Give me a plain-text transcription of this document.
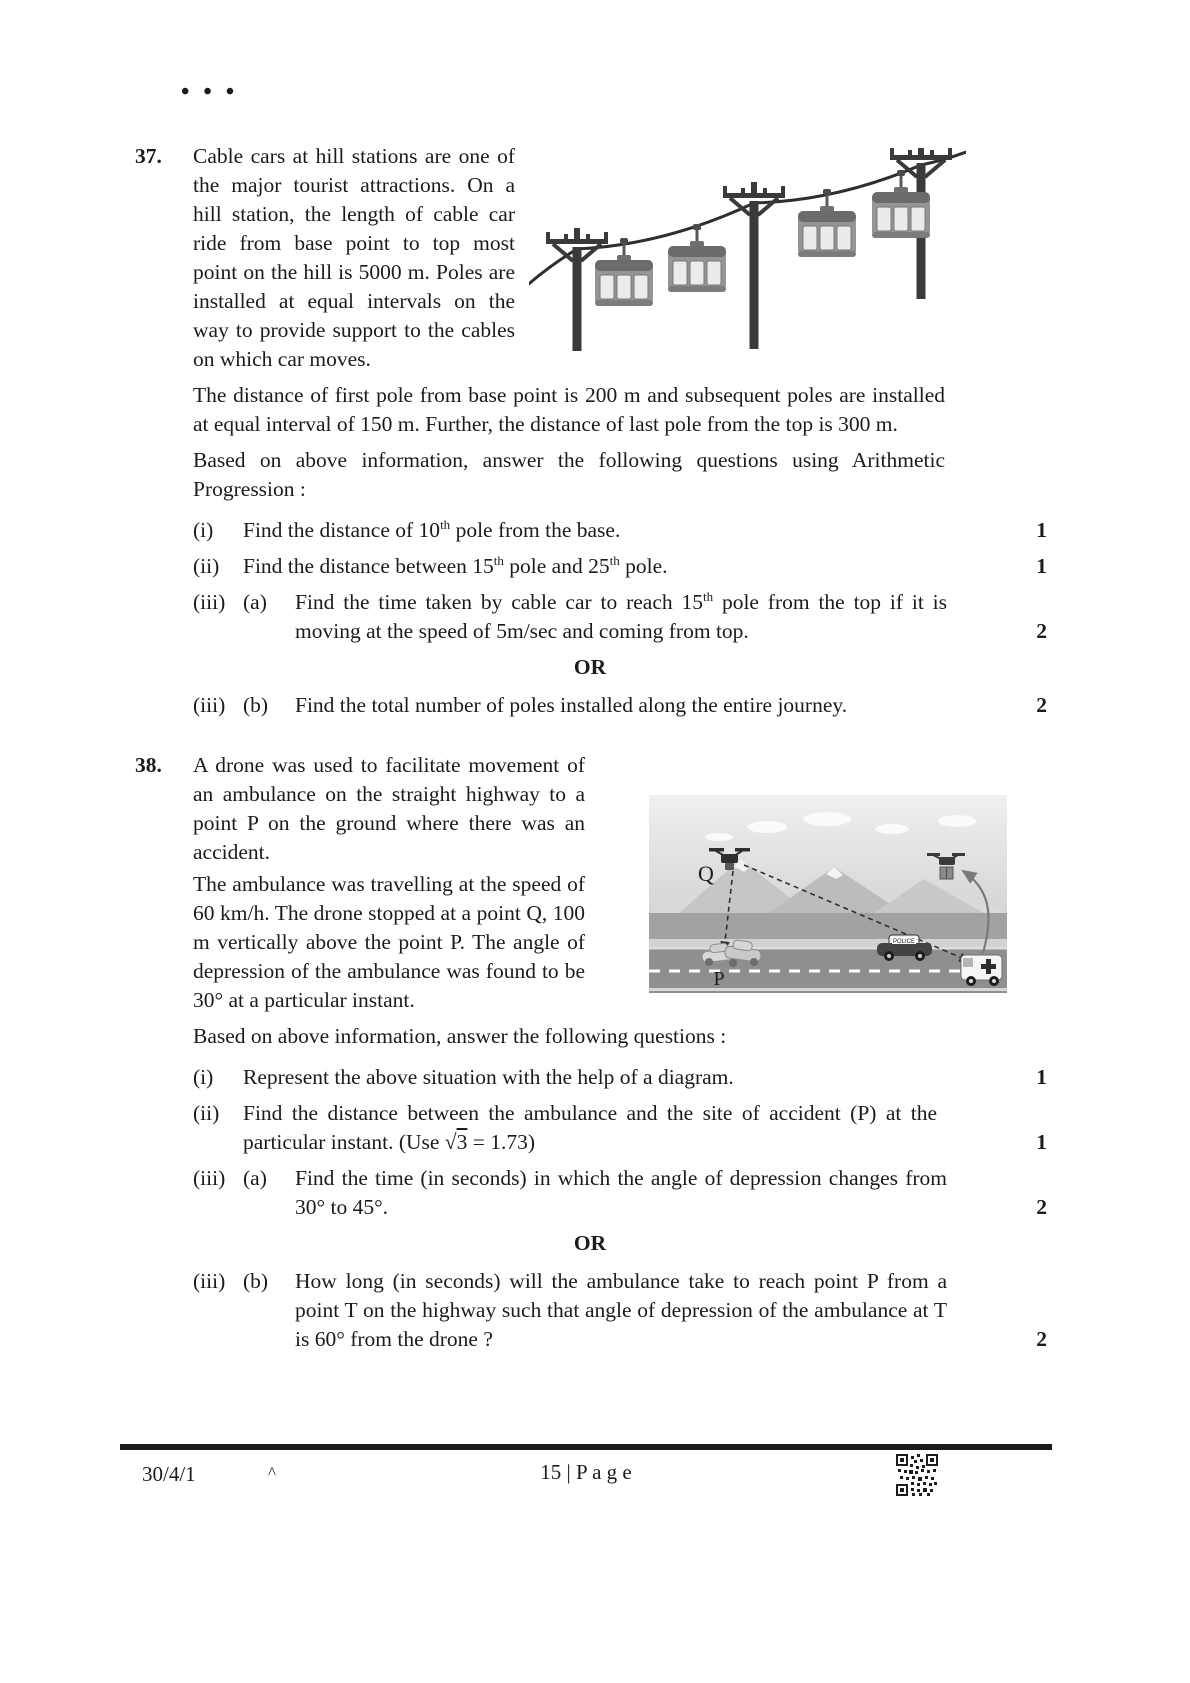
• • •
37.	Cable cars at hill stations are one of the major tourist attractions. On a hill station, the length of cable car ride from base point to top most point on the hill is 5000 m. Poles are installed at equal intervals on the way to provide support to the cables on which car moves.
The distance of first pole from base point is 200 m and subsequent poles are installed at equal interval of 150 m. Further, the distance of last pole from the top is 300 m.
Based on above information, answer the following questions using Arithmetic Progression :
(i)	Find the distance of 10th pole from the base.	1
(ii)	Find the distance between 15th pole and 25th pole.	1
(iii) (a)	Find the time taken by cable car to reach 15th pole from the top if it is moving at the speed of 5m/sec and coming from top.	2
OR
(iii) (b)	Find the total number of poles installed along the entire journey.	2
38.	A drone was used to facilitate movement of an ambulance on the straight highway to a point P on the ground where there was an accident.
The ambulance was travelling at the speed of 60 km/h. The drone stopped at a point Q, 100 m vertically above the point P. The angle of depression of the ambulance was found to be 30° at a particular instant.
Q
P
POLICE
Based on above information, answer the following questions :
(i)	Represent the above situation with the help of a diagram.	1
(ii)	Find the distance between the ambulance and the site of accident (P) at the particular instant. (Use √3 = 1.73)	1
(iii) (a)	Find the time (in seconds) in which the angle of depression changes from 30° to 45°.	2
OR
(iii) (b)	How long (in seconds) will the ambulance take to reach point P from a point T on the highway such that angle of depression of the ambulance at T is 60° from the drone ?	2
30/4/1	^	15 | P a g e
